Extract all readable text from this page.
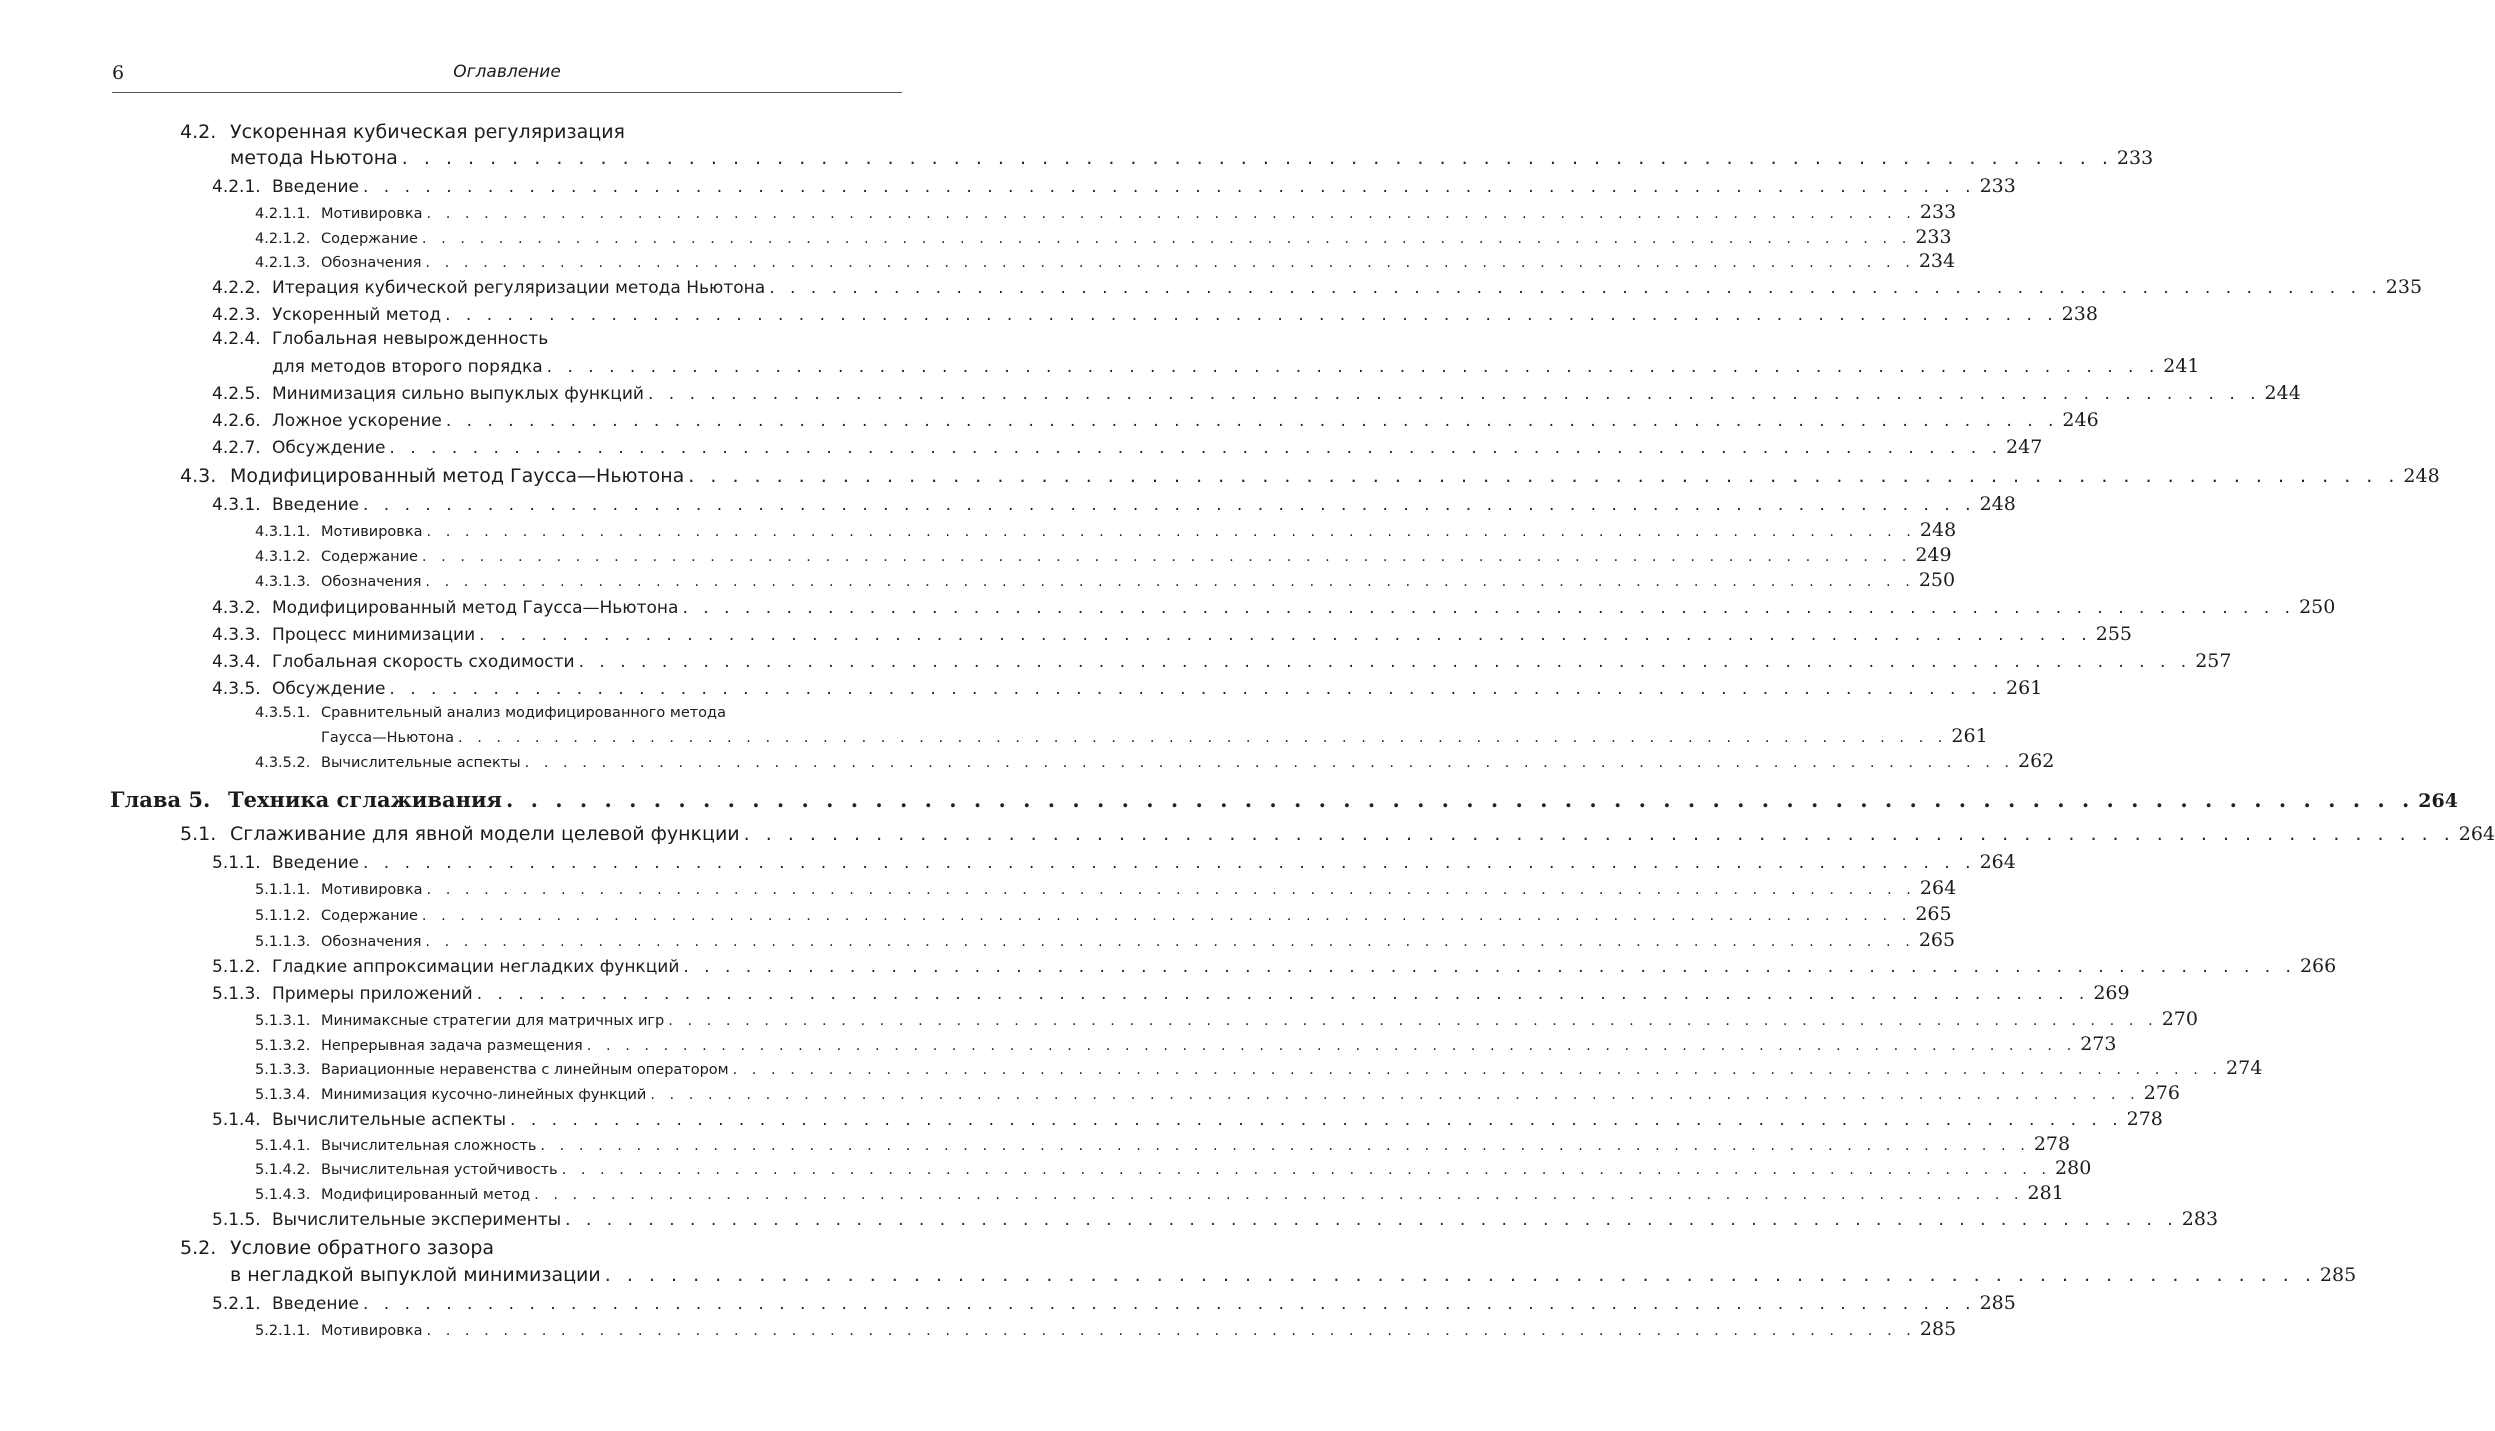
6	Оглавление
4.2. Ускоренная кубическая регуляризация
метода Ньютона . . .	233
4.2.1. Введение . . .	233
4.2.1.1. Мотивировка . . .	233
4.2.1.2. Содержание . . .	233
4.2.1.3. Обозначения . . .	234
4.2.2. Итерация кубической регуляризации метода Ньютона . . .	235
4.2.3. Ускоренный метод . . .	238
4.2.4. Глобальная невырожденность
для методов второго порядка . . .	241
4.2.5. Минимизация сильно выпуклых функций . . .	244
4.2.6. Ложное ускорение . . .	246
4.2.7. Обсуждение . . .	247
4.3. Модифицированный метод Гаусса—Ньютона . . .	248
4.3.1. Введение . . .	248
4.3.1.1. Мотивировка . . .	248
4.3.1.2. Содержание . . .	249
4.3.1.3. Обозначения . . .	250
4.3.2. Модифицированный метод Гаусса—Ньютона . . .	250
4.3.3. Процесс минимизации . . .	255
4.3.4. Глобальная скорость сходимости . . .	257
4.3.5. Обсуждение . . .	261
4.3.5.1. Сравнительный анализ модифицированного метода
Гаусса—Ньютона . . .	261
4.3.5.2. Вычислительные аспекты . . .	262
Глава 5. Техника сглаживания . . .	264
5.1. Сглаживание для явной модели целевой функции . . .	264
5.1.1. Введение . . .	264
5.1.1.1. Мотивировка . . .	264
5.1.1.2. Содержание . . .	265
5.1.1.3. Обозначения . . .	265
5.1.2. Гладкие аппроксимации негладких функций . . .	266
5.1.3. Примеры приложений . . .	269
5.1.3.1. Минимаксные стратегии для матричных игр . . .	270
5.1.3.2. Непрерывная задача размещения . . .	273
5.1.3.3. Вариационные неравенства с линейным оператором . . .	274
5.1.3.4. Минимизация кусочно-линейных функций . . .	276
5.1.4. Вычислительные аспекты . . .	278
5.1.4.1. Вычислительная сложность . . .	278
5.1.4.2. Вычислительная устойчивость . . .	280
5.1.4.3. Модифицированный метод . . .	281
5.1.5. Вычислительные эксперименты . . .	283
5.2. Условие обратного зазора
в негладкой выпуклой минимизации . . .	285
5.2.1. Введение . . .	285
5.2.1.1. Мотивировка . . .	285
